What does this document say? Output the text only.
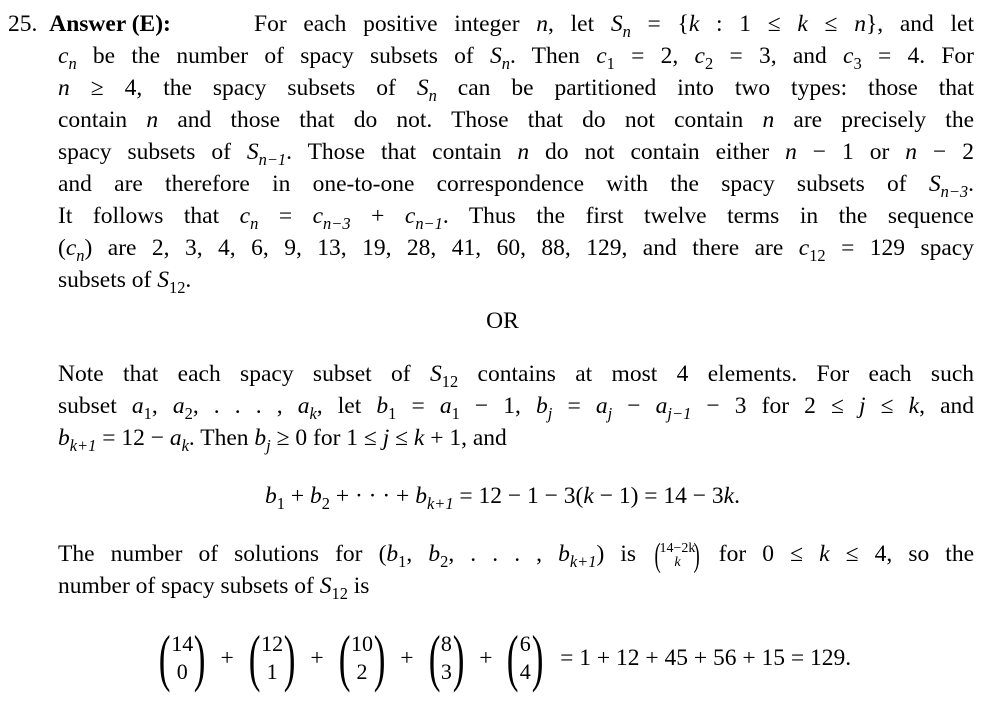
25. Answer (E):	For each positive integer n, let $S_n = \{k$ : 1 ≤ k ≤ n}, and let
$c_n$ be the number of spacy subsets of $S_n$. Then $c_1 = 2$, $c_2 = 3$, and $c_3 = 4$. For
n ≥ 4, the spacy subsets of $S_n$ can be partitioned into two types: those that
contain n and those that do not. Those that do not contain n are precisely the
spacy subsets of $S_{n-1}$. Those that contain n do not contain either n − 1 or n − 2
and are therefore in one-to-one correspondence with the spacy subsets of $S_{n-3}$.
It follows that $c_n = c_{n-3} + c_{n-1}$. Thus the first twelve terms in the sequence
$(c_n)$ are 2, 3, 4, 6, 9, 13, 19, 28, 41, 60, 88, 129, and there are $c_{12} = 129$ spacy
subsets of $S_{12}$.
OR
Note that each spacy subset of $S_{12}$ contains at most 4 elements. For each such
subset $a_1$, $a_2$, . . . , $a_k$, let $b_1 = a_1 - 1$, $b_j = a_j - a_{j-1} - 3$ for 2 ≤ j ≤ k, and
$b_{k+1} = 12 - a_k$. Then $b_j \ge 0$ for 1 ≤ j ≤ k + 1, and
$b_1 + b_2$ + · · · + $b_{k+1} = 12 - 1 - 3(k - 1) = 14 - 3k$.
The number of solutions for ($b_1$, $b_2$, . . . , $b_{k+1}$) is (
14−2k
k ) for 0 ≤ k ≤ 4, so the
number of spacy subsets of $S_{12}$ is
( 14
0 ) + ( 12
1 ) + ( 10
2 ) + ( 8
3 ) + ( 6
4 ) = 1 + 12 + 45 + 56 + 15 = 129.
